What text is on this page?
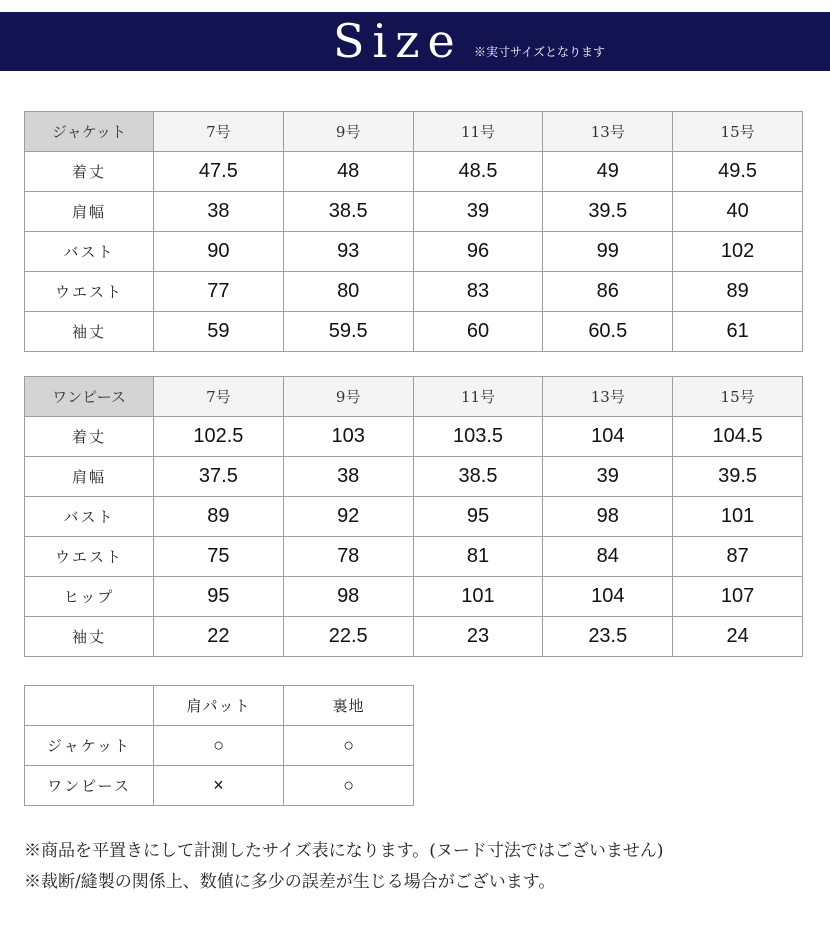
Size ※実寸サイズとなります
ジャケット	7号	9号	11号	13号	15号
着丈	47.5	48	48.5	49	49.5
肩幅	38	38.5	39	39.5	40
バスト	90	93	96	99	102
ウエスト	77	80	83	86	89
袖丈	59	59.5	60	60.5	61
ワンピース	7号	9号	11号	13号	15号
着丈	102.5	103	103.5	104	104.5
肩幅	37.5	38	38.5	39	39.5
バスト	89	92	95	98	101
ウエスト	75	78	81	84	87
ヒップ	95	98	101	104	107
袖丈	22	22.5	23	23.5	24
	肩パット	裏地
ジャケット	○	○
ワンピース	×	○
※商品を平置きにして計測したサイズ表になります。(ヌード寸法ではございません)
※裁断/縫製の関係上、数値に多少の誤差が生じる場合がございます。
